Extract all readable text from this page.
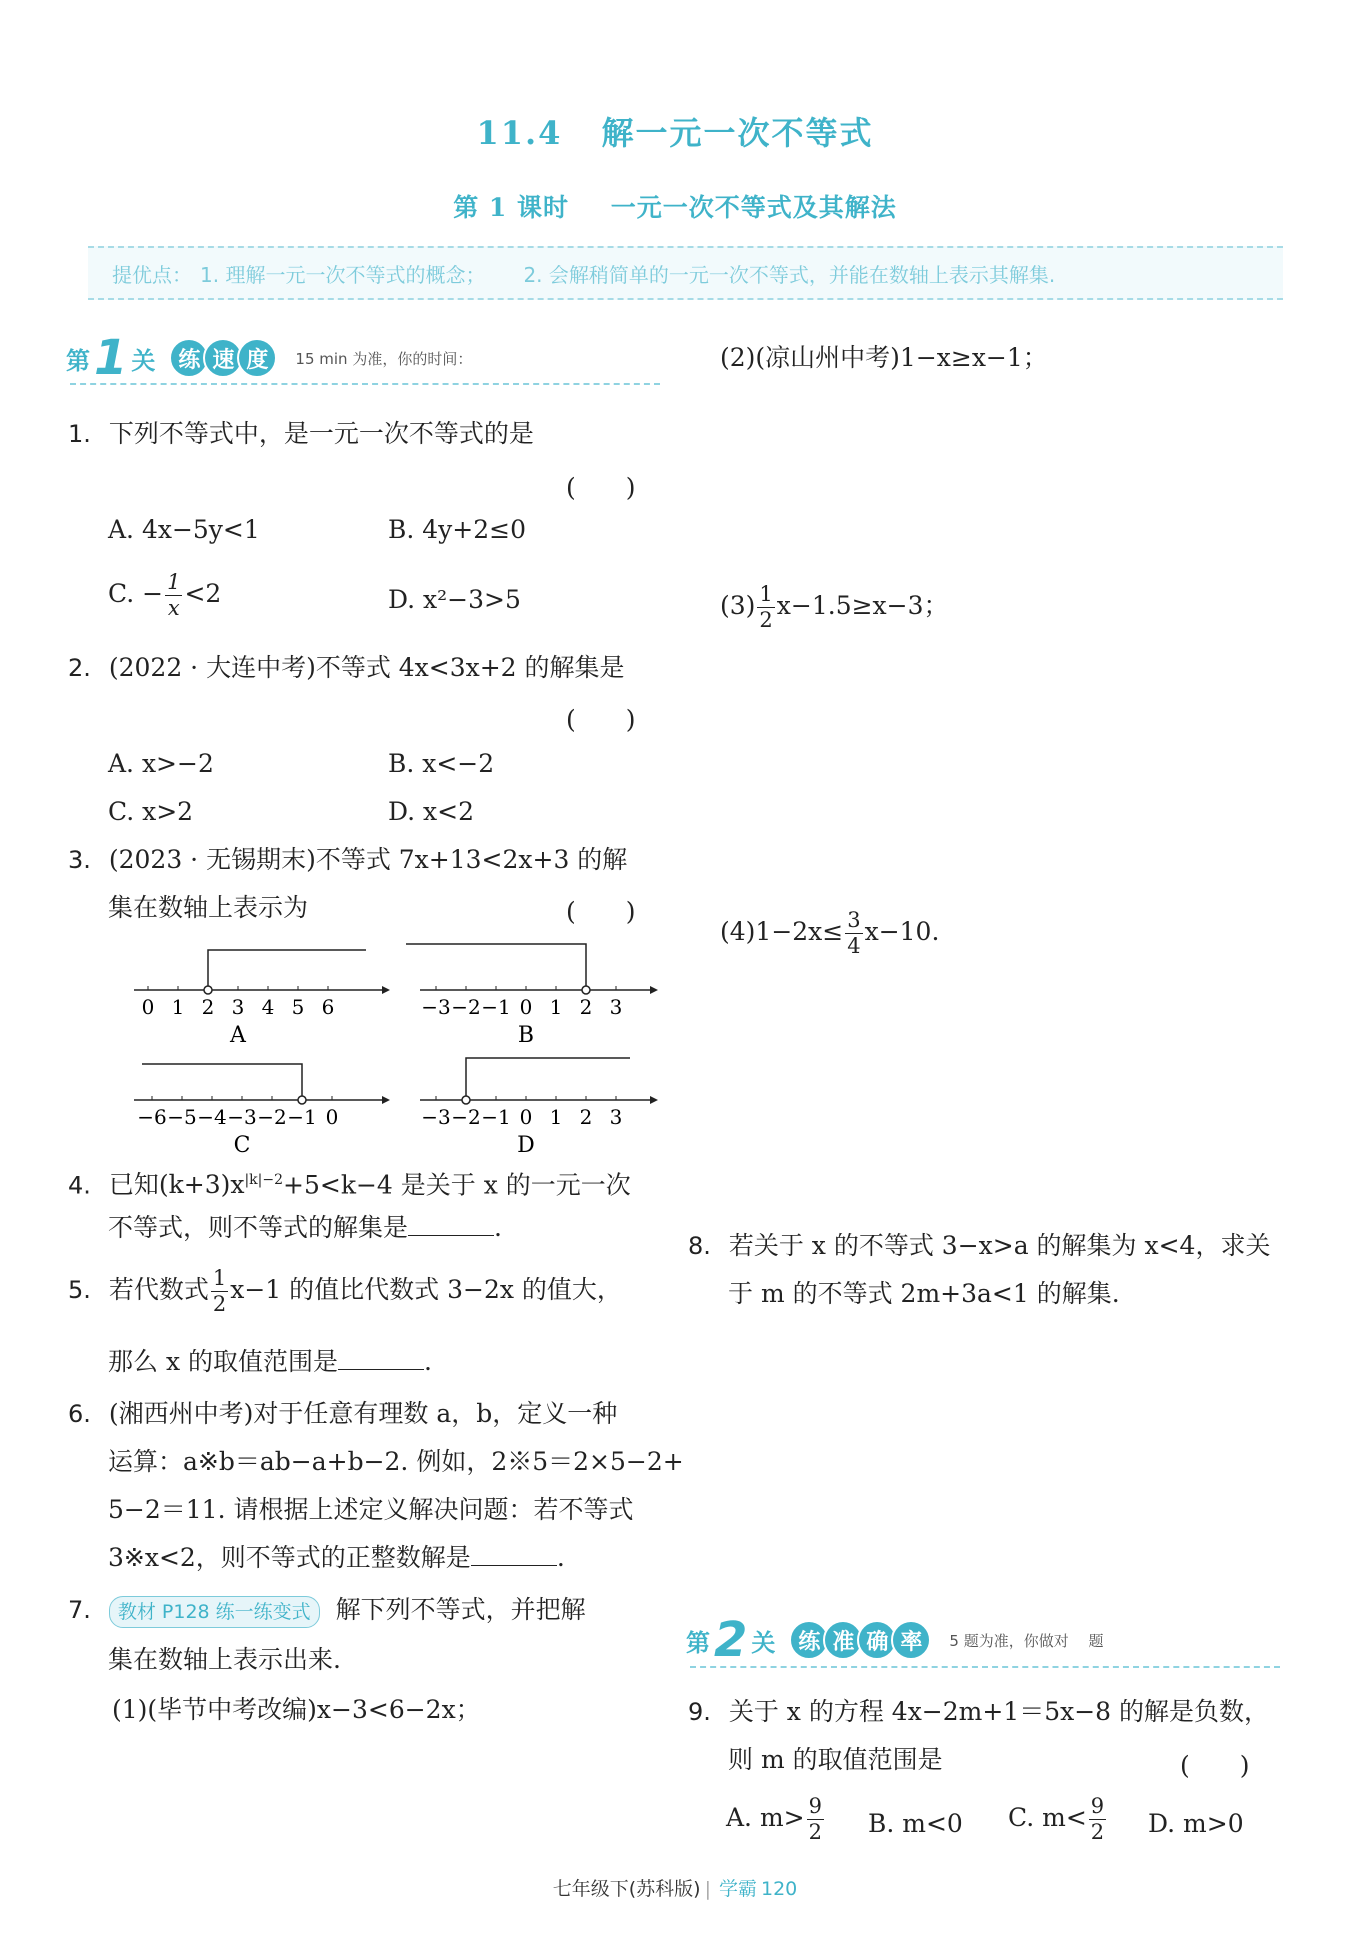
11.4 解一元一次不等式
第 1 课时 一元一次不等式及其解法
提优点： 1. 理解一元一次不等式的概念； 2. 会解稍简单的一元一次不等式，并能在数轴上表示其解集.
第 1 关	练 速 度	15 min 为准，你的时间：
1. 下列不等式中，是一元一次不等式的是
(　　)
A. 4x−5y<1	B. 4y+2≤0
C. − $\frac{1}{x} <2$	D. x²−3>5
2. (2022 · 大连中考)不等式 4x<3x+2 的解集是
(　　)
A. x>−2	B. x<−2
C. x>2	D. x<2
3. (2023 · 无锡期末)不等式 7x+13<2x+3 的解
集在数轴上表示为	(　　)
0 1 2 3 4 5 6
A
−3 −2 −1 0 1 2 3
B
−6 −5 −4 −3 −2 −1 0
C
−3 −2 −1 0 1 2 3
D
4. 已知$(k+3)x^{|k|-2}+5<k-4$ 是关于 x 的一元一次
不等式，则不等式的解集是	.
5. 若代数式 $\frac{1}{2} x-1$ 的值比代数式 3−2x 的值大，
那么 x 的取值范围是	.
6. (湘西州中考)对于任意有理数 a，b，定义一种
运算：a※b＝ab−a+b−2. 例如，2※5＝2×5−2+
5−2＝11. 请根据上述定义解决问题：若不等式
3※x<2，则不等式的正整数解是	.
7. 教材 P128 练一练变式 解下列不等式，并把解
集在数轴上表示出来.
(1)(毕节中考改编)x−3<6−2x；
(2)(凉山州中考)1−x≥x−1；
$(3) \frac{1}{2} x-1.5\ge x-3$；
$(4)1-2x\le \frac{3}{4} x-10$.
8. 若关于 x 的不等式 3−x>a 的解集为 x<4，求关
于 m 的不等式 2m+3a<1 的解集.
第 2 关	练 准 确 率	5 题为准，你做对　 题
9. 关于 x 的方程 4x−2m+1＝5x−8 的解是负数，
则 m 的取值范围是	(　　)
A. $m> \frac{9}{2} B$. m<0 C. $m< \frac{9}{2} D$. m>0
七年级下(苏科版) | 学霸 120
